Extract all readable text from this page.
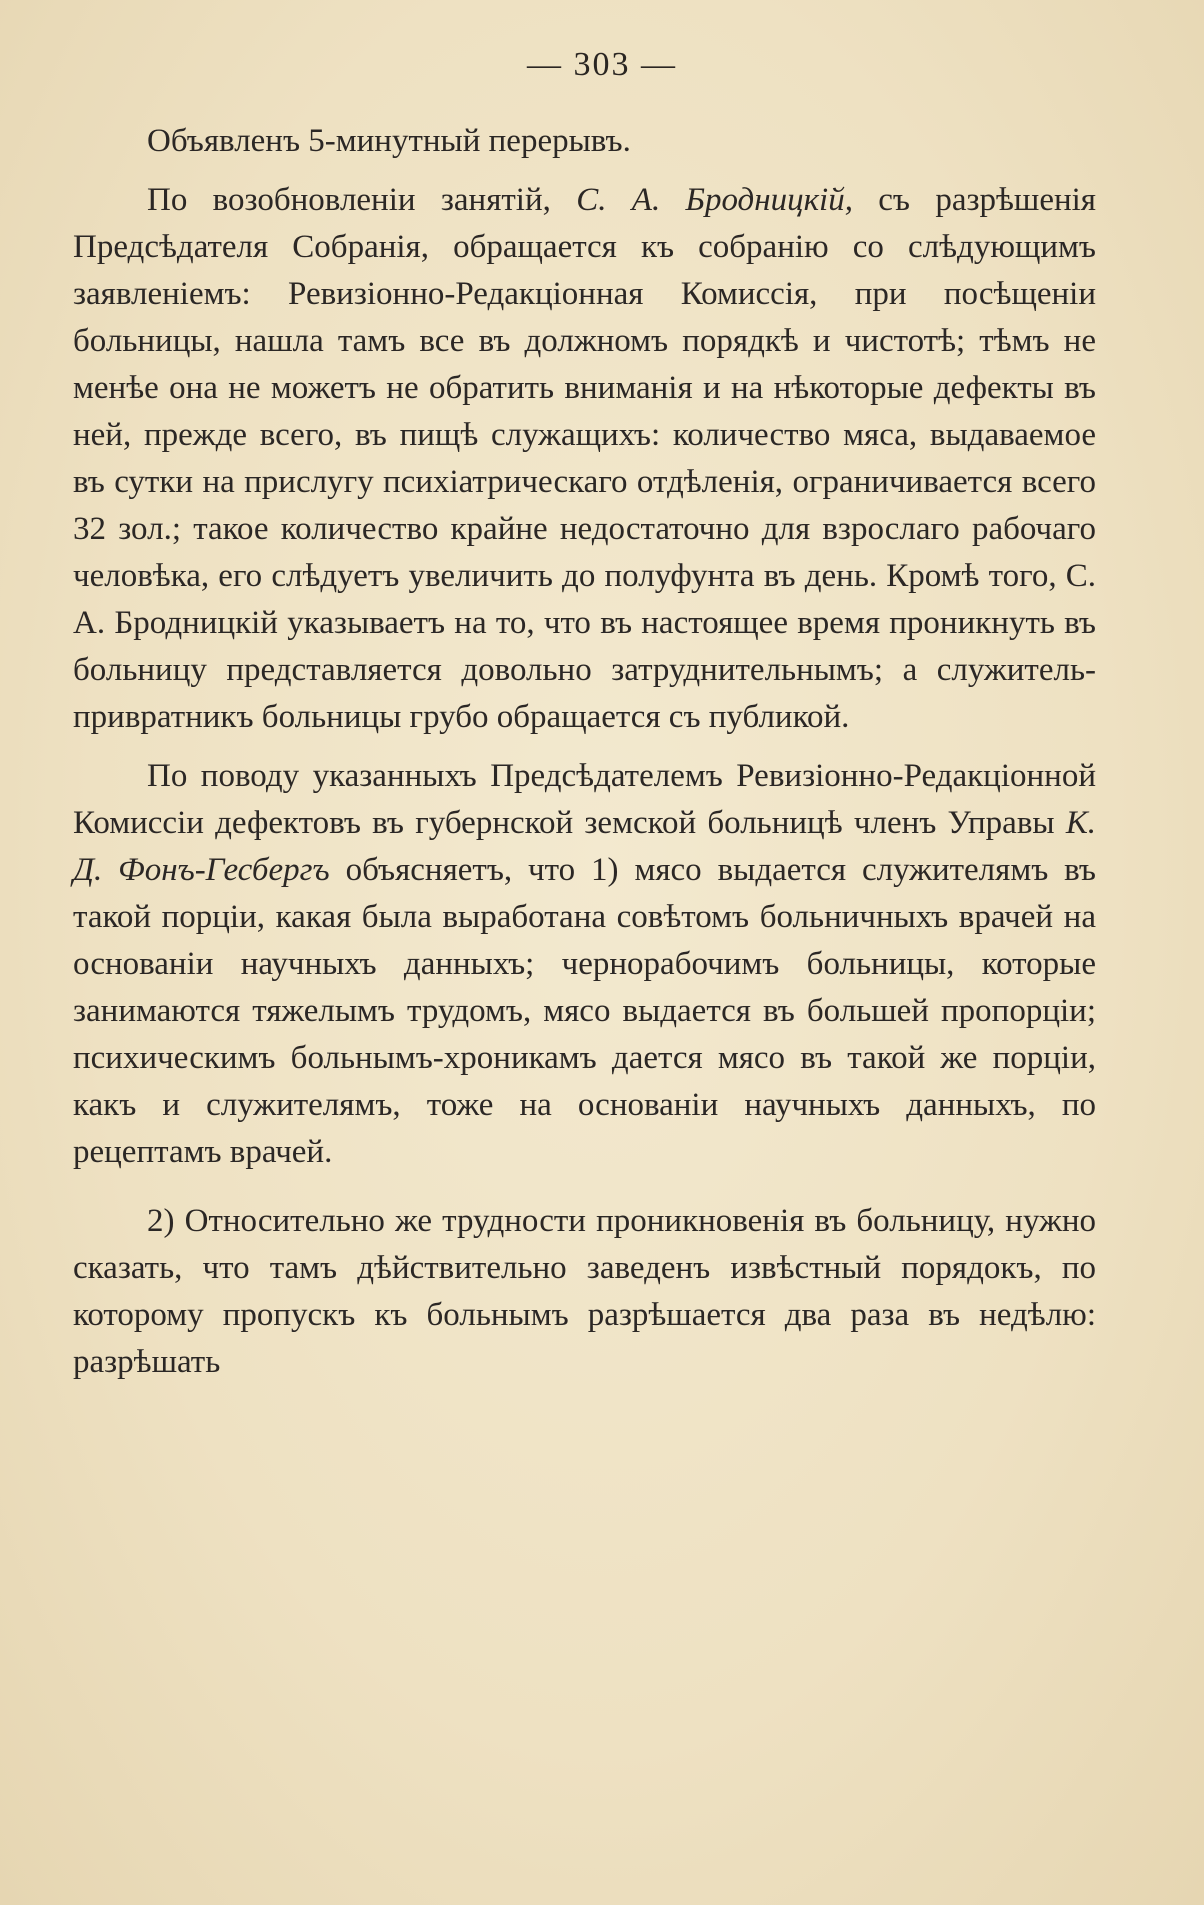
— 303 —

Объявленъ 5-минутный перерывъ.

По возобновленіи занятій, С. А. Бродницкій, съ разрѣшенія Предсѣдателя Собранія, обращается къ собранію со слѣдующимъ заявленіемъ: Ревизіонно-Редакціонная Комиссія, при посѣщеніи больницы, нашла тамъ все въ должномъ порядкѣ и чистотѣ; тѣмъ не менѣе она не можетъ не обратить вниманія и на нѣкоторые дефекты въ ней, прежде всего, въ пищѣ служащихъ: количество мяса, выдаваемое въ сутки на прислугу психіатрическаго отдѣленія, ограничивается всего 32 зол.; такое количество крайне недостаточно для взрослаго рабочаго человѣка, его слѣдуетъ увеличить до полуфунта въ день. Кромѣ того, С. А. Бродницкій указываетъ на то, что въ настоящее время проникнуть въ больницу представляется довольно затруднительнымъ; а служитель-привратникъ больницы грубо обращается съ публикой.

По поводу указанныхъ Предсѣдателемъ Ревизіонно-Редакціонной Комиссіи дефектовъ въ губернской земской больницѣ членъ Управы К. Д. Фонъ-Гесбергъ объясняетъ, что 1) мясо выдается служителямъ въ такой порціи, какая была выработана совѣтомъ больничныхъ врачей на основаніи научныхъ данныхъ; чернорабочимъ больницы, которые занимаются тяжелымъ трудомъ, мясо выдается въ большей пропорціи; психическимъ больнымъ-хроникамъ дается мясо въ такой же порціи, какъ и служителямъ, тоже на основаніи научныхъ данныхъ, по рецептамъ врачей.

2) Относительно же трудности проникновенія въ больницу, нужно сказать, что тамъ дѣйствительно заведенъ извѣстный порядокъ, по которому пропускъ къ больнымъ разрѣшается два раза въ недѣлю: разрѣшать
